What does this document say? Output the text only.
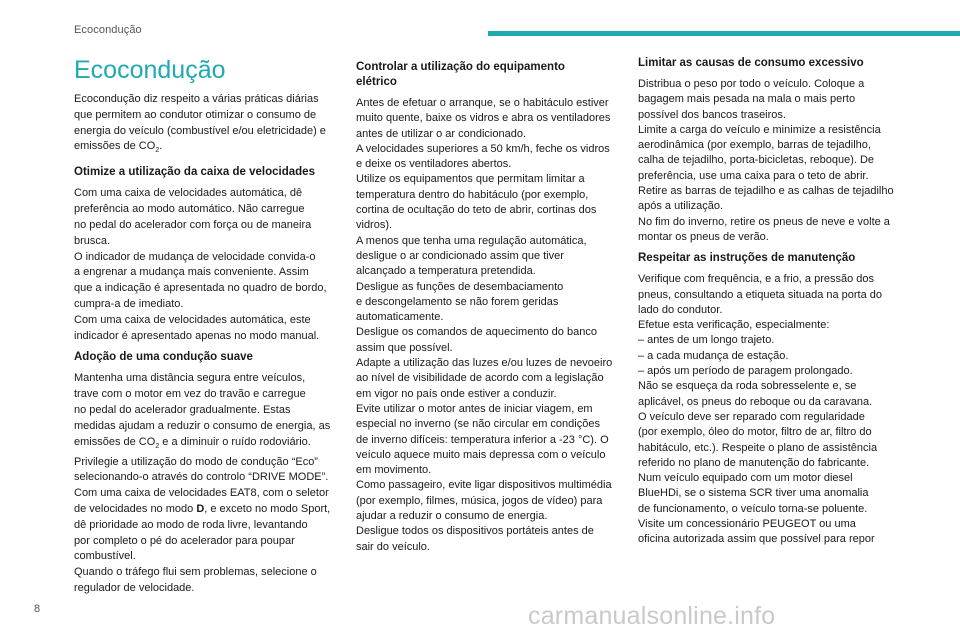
Ecocondução
Ecocondução

Ecocondução diz respeito a várias práticas diárias
que permitem ao condutor otimizar o consumo de
energia do veículo (combustível e/ou eletricidade) e
emissões de $CO_2$.

Otimize a utilização da caixa de velocidades

Com uma caixa de velocidades automática, dê
preferência ao modo automático. Não carregue
no pedal do acelerador com força ou de maneira
brusca.
O indicador de mudança de velocidade convida-o
a engrenar a mudança mais conveniente. Assim
que a indicação é apresentada no quadro de bordo,
cumpra-a de imediato.
Com uma caixa de velocidades automática, este
indicador é apresentado apenas no modo manual.

Adoção de uma condução suave

Mantenha uma distância segura entre veículos,
trave com o motor em vez do travão e carregue
no pedal do acelerador gradualmente. Estas
medidas ajudam a reduzir o consumo de energia, as
emissões de $CO_2$ e a diminuir o ruído rodoviário.
Privilegie a utilização do modo de condução “Eco”
selecionando-o através do controlo “DRIVE MODE”.
Com uma caixa de velocidades EAT8, com o seletor
de velocidades no modo D, e exceto no modo Sport,
dê prioridade ao modo de roda livre, levantando
por completo o pé do acelerador para poupar
combustível.
Quando o tráfego flui sem problemas, selecione o
regulador de velocidade.

Controlar a utilização do equipamento
elétrico

Antes de efetuar o arranque, se o habitáculo estiver
muito quente, baixe os vidros e abra os ventiladores
antes de utilizar o ar condicionado.
A velocidades superiores a 50 km/h, feche os vidros
e deixe os ventiladores abertos.
Utilize os equipamentos que permitam limitar a
temperatura dentro do habitáculo (por exemplo,
cortina de ocultação do teto de abrir, cortinas dos
vidros).
A menos que tenha uma regulação automática,
desligue o ar condicionado assim que tiver
alcançado a temperatura pretendida.
Desligue as funções de desembaciamento
e descongelamento se não forem geridas
automaticamente.
Desligue os comandos de aquecimento do banco
assim que possível.
Adapte a utilização das luzes e/ou luzes de nevoeiro
ao nível de visibilidade de acordo com a legislação
em vigor no país onde estiver a conduzir.
Evite utilizar o motor antes de iniciar viagem, em
especial no inverno (se não circular em condições
de inverno difíceis: temperatura inferior a -23 °C). O
veículo aquece muito mais depressa com o veículo
em movimento.
Como passageiro, evite ligar dispositivos multimédia
(por exemplo, filmes, música, jogos de vídeo) para
ajudar a reduzir o consumo de energia.
Desligue todos os dispositivos portáteis antes de
sair do veículo.

Limitar as causas de consumo excessivo

Distribua o peso por todo o veículo. Coloque a
bagagem mais pesada na mala o mais perto
possível dos bancos traseiros.
Limite a carga do veículo e minimize a resistência
aerodinâmica (por exemplo, barras de tejadilho,
calha de tejadilho, porta-bicicletas, reboque). De
preferência, use uma caixa para o teto de abrir.
Retire as barras de tejadilho e as calhas de tejadilho
após a utilização.
No fim do inverno, retire os pneus de neve e volte a
montar os pneus de verão.

Respeitar as instruções de manutenção

Verifique com frequência, e a frio, a pressão dos
pneus, consultando a etiqueta situada na porta do
lado do condutor.
Efetue esta verificação, especialmente:
– antes de um longo trajeto.
– a cada mudança de estação.
– após um período de paragem prolongado.
Não se esqueça da roda sobresselente e, se
aplicável, os pneus do reboque ou da caravana.
O veículo deve ser reparado com regularidade
(por exemplo, óleo do motor, filtro de ar, filtro do
habitáculo, etc.). Respeite o plano de assistência
referido no plano de manutenção do fabricante.
Num veículo equipado com um motor diesel
BlueHDi, se o sistema SCR tiver uma anomalia
de funcionamento, o veículo torna-se poluente.
Visite um concessionário PEUGEOT ou uma
oficina autorizada assim que possível para repor

8	carmanualsonline.info
